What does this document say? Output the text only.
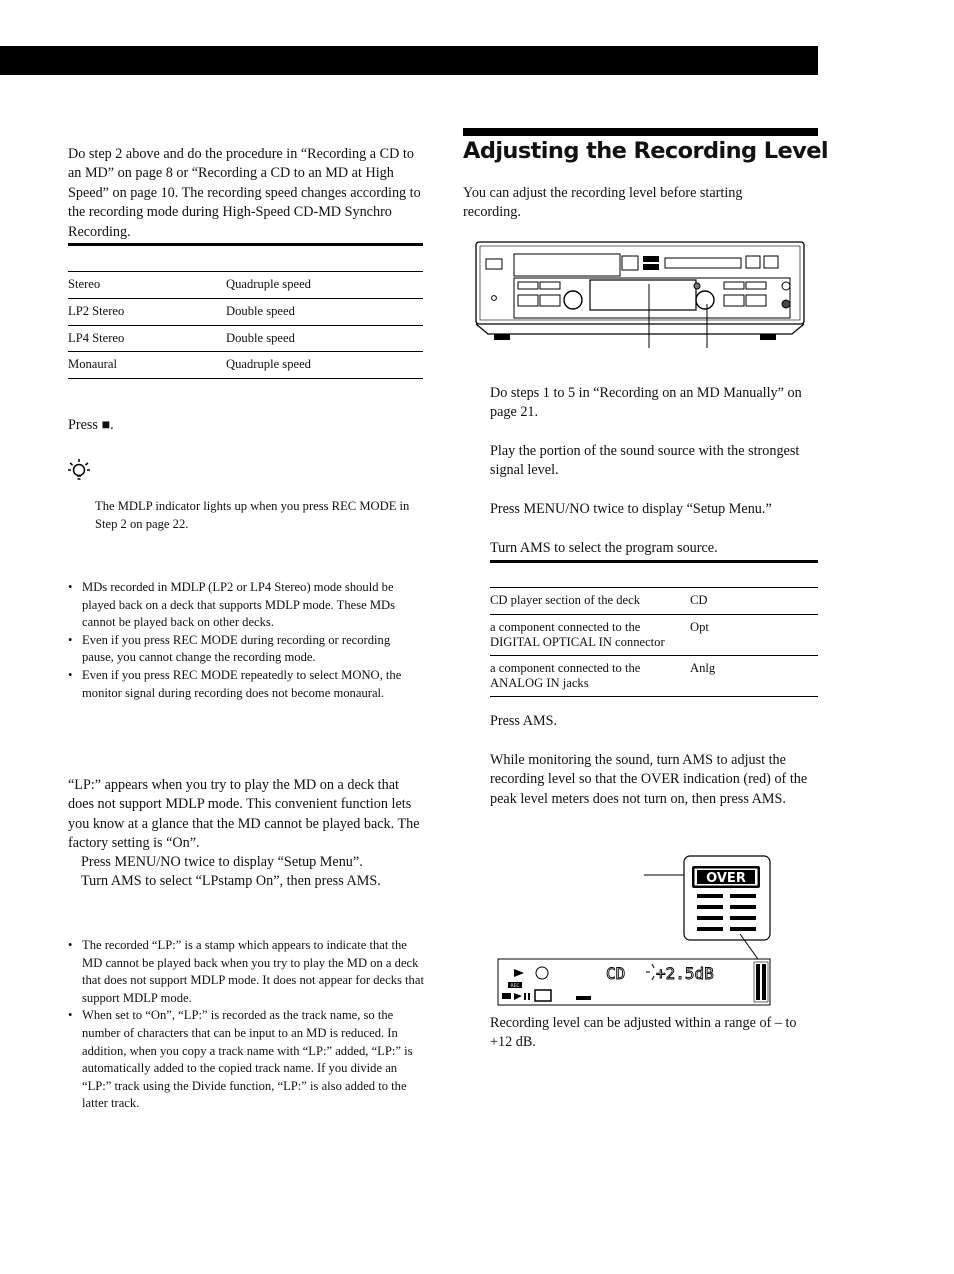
Do step 2 above and do the procedure in “Recording a CD to an MD” on page 8 or “Recording a CD to an MD at High Speed” on page 10. The recording speed changes according to the recording mode during High-Speed CD-MD Synchro Recording.

Stereo	Quadruple speed
LP2 Stereo	Double speed
LP4 Stereo	Double speed
Monaural	Quadruple speed

Press ■.

The MDLP indicator lights up when you press REC MODE in Step 2 on page 22.

• MDs recorded in MDLP (LP2 or LP4 Stereo) mode should be played back on a deck that supports MDLP mode. These MDs cannot be played back on other decks.
• Even if you press REC MODE during recording or recording pause, you cannot change the recording mode.
• Even if you press REC MODE repeatedly to select MONO, the monitor signal during recording does not become monaural.

“LP:” appears when you try to play the MD on a deck that does not support MDLP mode. This convenient function lets you know at a glance that the MD cannot be played back. The factory setting is “On”.

Press MENU/NO twice to display “Setup Menu”.

Turn AMS to select “LPstamp On”, then press AMS.

• The recorded “LP:” is a stamp which appears to indicate that the MD cannot be played back when you try to play the MD on a deck that does not support MDLP mode. It does not appear for decks that support MDLP mode.
• When set to “On”, “LP:” is recorded as the track name, so the number of characters that can be input to an MD is reduced. In addition, when you copy a track name with “LP:” added, “LP:” is automatically added to the copied track name. If you divide an “LP:” track using the Divide function, “LP:” is also added to the latter track.
Adjusting the Recording Level

You can adjust the recording level before starting recording.

Do steps 1 to 5 in “Recording on an MD Manually” on page 21.

Play the portion of the sound source with the strongest signal level.

Press MENU/NO twice to display “Setup Menu.”

Turn AMS to select the program source.

CD player section of the deck	CD
a component connected to the DIGITAL OPTICAL IN connector	Opt
a component connected to the ANALOG IN jacks	Anlg

Press AMS.

While monitoring the sound, turn AMS to adjust the recording level so that the OVER indication (red) of the peak level meters does not turn on, then press AMS.

OVER
CD +2.5dB
REC

Recording level can be adjusted within a range of – to +12 dB.
